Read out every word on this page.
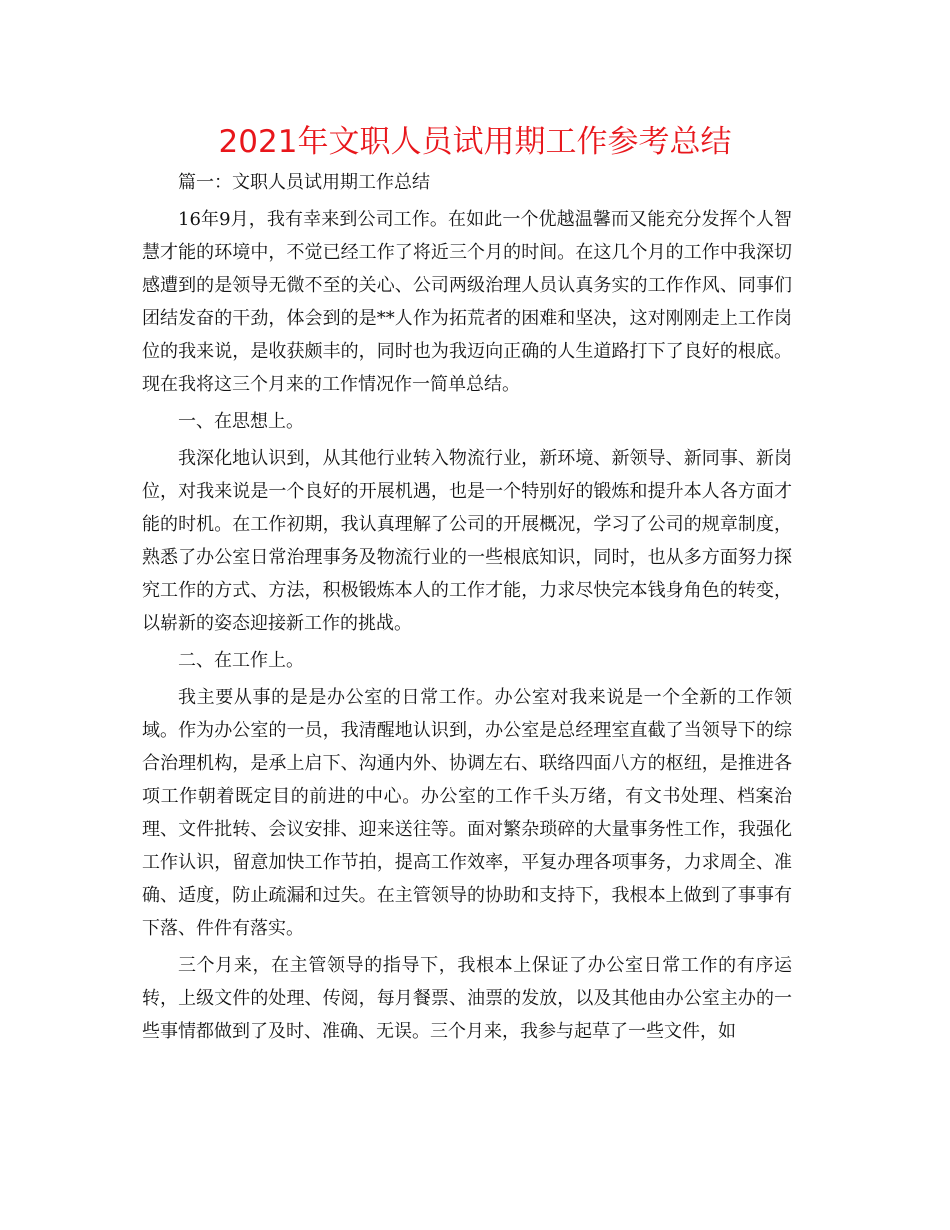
2021年文职人员试用期工作参考总结

篇一：文职人员试用期工作总结

16年9月，我有幸来到公司工作。在如此一个优越温馨而又能充分发挥个人智慧才能的环境中，不觉已经工作了将近三个月的时间。在这几个月的工作中我深切感遭到的是领导无微不至的关心、公司两级治理人员认真务实的工作作风、同事们团结发奋的干劲，体会到的是**人作为拓荒者的困难和坚决，这对刚刚走上工作岗位的我来说，是收获颇丰的，同时也为我迈向正确的人生道路打下了良好的根底。现在我将这三个月来的工作情况作一简单总结。

一、在思想上。

我深化地认识到，从其他行业转入物流行业，新环境、新领导、新同事、新岗位，对我来说是一个良好的开展机遇，也是一个特别好的锻炼和提升本人各方面才能的时机。在工作初期，我认真理解了公司的开展概况，学习了公司的规章制度，熟悉了办公室日常治理事务及物流行业的一些根底知识，同时，也从多方面努力探究工作的方式、方法，积极锻炼本人的工作才能，力求尽快完本钱身角色的转变，以崭新的姿态迎接新工作的挑战。

二、在工作上。

我主要从事的是是办公室的日常工作。办公室对我来说是一个全新的工作领域。作为办公室的一员，我清醒地认识到，办公室是总经理室直截了当领导下的综合治理机构，是承上启下、沟通内外、协调左右、联络四面八方的枢纽，是推进各项工作朝着既定目的前进的中心。办公室的工作千头万绪，有文书处理、档案治理、文件批转、会议安排、迎来送往等。面对繁杂琐碎的大量事务性工作，我强化工作认识，留意加快工作节拍，提高工作效率，平复办理各项事务，力求周全、准确、适度，防止疏漏和过失。在主管领导的协助和支持下，我根本上做到了事事有下落、件件有落实。

三个月来，在主管领导的指导下，我根本上保证了办公室日常工作的有序运转，上级文件的处理、传阅，每月餐票、油票的发放，以及其他由办公室主办的一些事情都做到了及时、准确、无误。三个月来，我参与起草了一些文件，如
